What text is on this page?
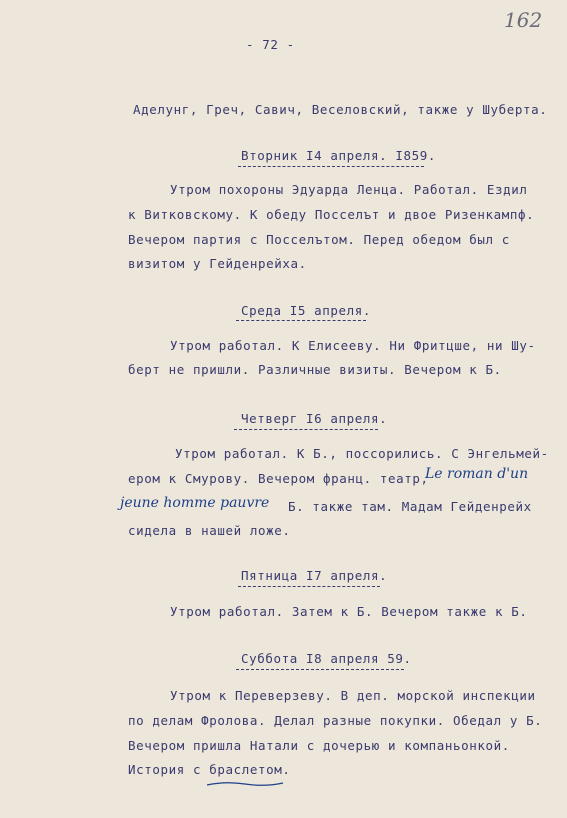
162
- 72 -
Аделунг, Греч, Савич, Веселовский, также у Шуберта.
Вторник I4 апреля. I859.
Утром похороны Эдуарда Ленца. Работал. Ездил
к Витковскому. К обеду Посселът и двое Ризенкампф.
Вечером партия с Посселътом. Перед обедом был с
визитом у Гейденрейха.
Среда I5 апреля.
Утром работал. К Елисееву. Ни Фритцше, ни Шу-
берт не пришли. Различные визиты. Вечером к Б.
Четверг I6 апреля.
Утром работал. К Б., поссорились. С Энгельмей-
ером к Смурову. Вечером франц. театр,
Le roman d'un
jeune homme pauvre Б. также там. Мадам Гейденрейх
сидела в нашей ложе.
Пятница I7 апреля.
Утром работал. Затем к Б. Вечером также к Б.
Суббота I8 апреля 59.
Утром к Переверзеву. В деп. морской инспекции
по делам Фролова. Делал разные покупки. Обедал у Б.
Вечером пришла Натали с дочерью и компаньонкой.
История с браслетом.
